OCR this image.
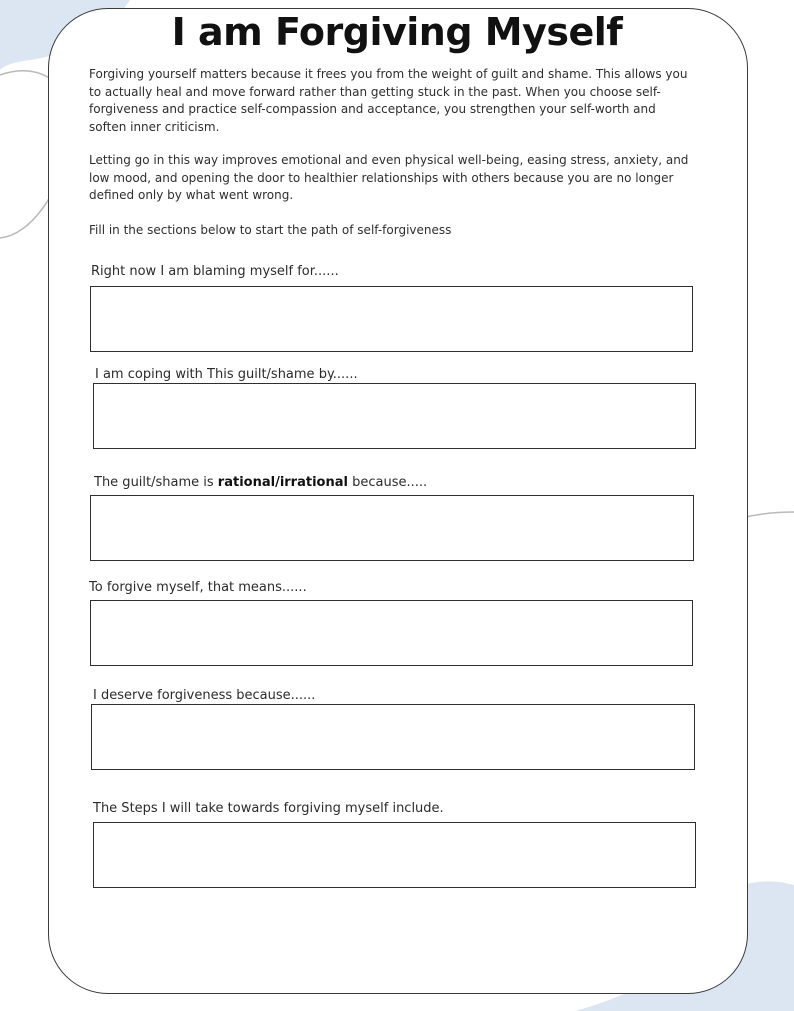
I am Forgiving Myself
Forgiving yourself matters because it frees you from the weight of guilt and shame. This allows you to actually heal and move forward rather than getting stuck in the past. When you choose self-forgiveness and practice self-compassion and acceptance, you strengthen your self-worth and soften inner criticism.
Letting go in this way improves emotional and even physical well-being, easing stress, anxiety, and low mood, and opening the door to healthier relationships with others because you are no longer defined only by what went wrong.
Fill in the sections below to start the path of self-forgiveness
Right now I am blaming myself for......
I am coping with This guilt/shame by......
The guilt/shame is rational/irrational because.....
To forgive myself, that means......
I deserve forgiveness because......
The Steps I will take towards forgiving myself include.
